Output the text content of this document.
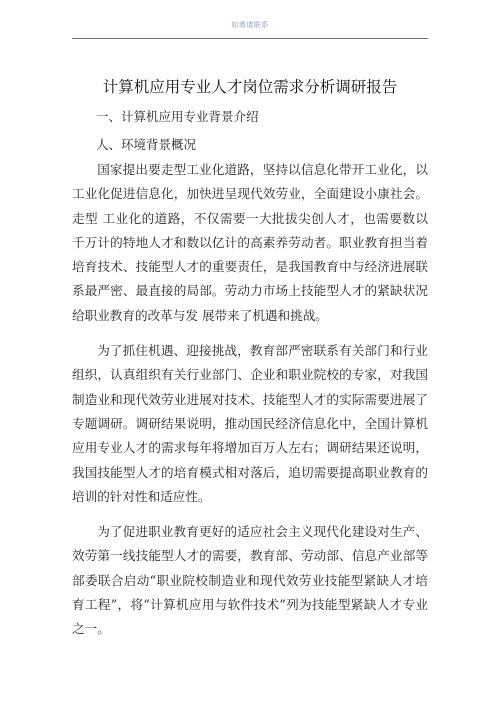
如需请联系
计算机应用专业人才岗位需求分析调研报告
一、计算机应用专业背景介绍
⼈、环境背景概况

国家提出要走型工业化道路，坚持以信息化带开工业化，以工业化促进信息化，加快进呈现代效劳业，全面建设小康社会。走型 工业化的道路，不仅需要一大批拔尖创人才，也需要数以千万计的特地人才和数以亿计的高素养劳动者。职业教育担当着培育技术、技能型人才的重要责任，是我国教育中与经济进展联系最严密、最直接的局部。劳动力市场上技能型人才的紧缺状况给职业教育的改革与发 展带来了机遇和挑战。

为了抓住机遇、迎接挑战，教育部严密联系有关部门和行业组织，认真组织有关行业部门、企业和职业院校的专家，对我国制造业和现代效劳业进展对技术、技能型人才的实际需要进展了专题调研。调研结果说明，推动国民经济信息化中，全国计算机应用专业人才的需求每年将增加百万人左右；调研结果还说明，我国技能型人才的培育模式相对落后，追切需要提高职业教育的培训的针对性和适应性。

为了促进职业教育更好的适应社会主义现代化建设对生产、效劳第一线技能型人才的需要，教育部、劳动部、信息产业部等部委联合启动“职业院校制造业和现代效劳业技能型紧缺人才培育工程”，将“计算机应用与软件技术”列为技能型紧缺人才专业之一。
